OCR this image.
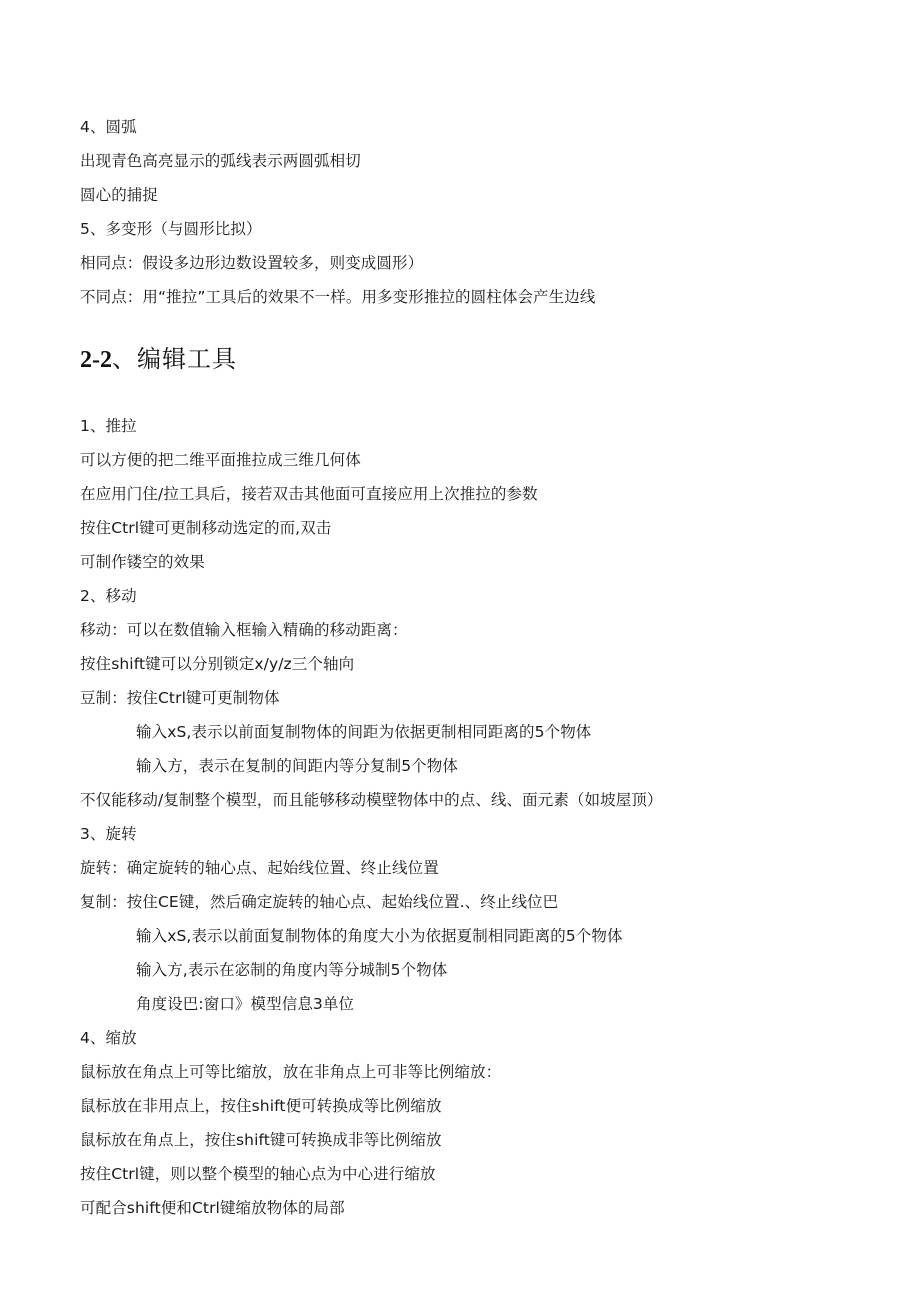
4、圆弧
出现青色高亮显示的弧线表示两圆弧相切
圆心的捕捉
5、多变形（与圆形比拟）
相同点：假设多边形边数设置较多，则变成圆形）
不同点：用“推拉”工具后的效果不一样。用多变形推拉的圆柱体会产生边线
2-2、编辑工具
1、推拉
可以方便的把二维平面推拉成三维几何体
在应用门住/拉工具后，接若双击其他面可直接应用上次推拉的参数
按住Ctrl键可更制移动选定的而,双击
可制作镂空的效果
2、移动
移动：可以在数值输入框输入精确的移动距离：
按住shift键可以分别锁定x/y/z三个轴向
豆制：按住Ctrl键可更制物体
输入xS,表示以前面复制物体的间距为依据更制相同距离的5个物体
输入方，表示在复制的间距内等分复制5个物体
不仅能移动/复制整个模型，而且能够移动模壁物体中的点、线、面元素（如坡屋顶）
3、旋转
旋转：确定旋转的轴心点、起始线位置、终止线位置
复制：按住CE键，然后确定旋转的轴心点、起始线位置.、终止线位巴
输入xS,表示以前面复制物体的角度大小为依据夏制相同距离的5个物体
输入方,表示在宓制的角度内等分城制5个物体
角度设巴:窗口》模型信息3单位
4、缩放
鼠标放在角点上可等比缩放，放在非角点上可非等比例缩放：
鼠标放在非用点上，按住shift便可转换成等比例缩放
鼠标放在角点上，按住shift键可转换成非等比例缩放
按住Ctrl键，则以整个模型的轴心点为中心进行缩放
可配合shift便和Ctrl键缩放物体的局部
